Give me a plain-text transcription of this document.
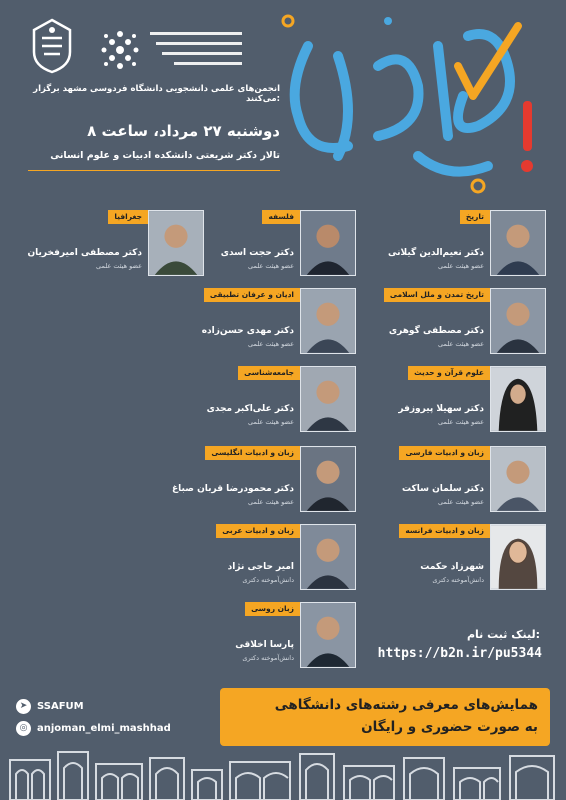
انجمن‌های علمی دانشجویی دانشگاه فردوسی مشهد برگزار می‌کنند:
دوشنبه ۲۷ مرداد، ساعت ۸
تالار دکتر شریعتی دانشکده ادبیات و علوم انسانی
تاریخ
دکتر نعیم‌الدین گیلانی
عضو هیئت علمی
فلسفه
دکتر حجت اسدی
عضو هیئت علمی
جغرافیا
دکتر مصطفی امیرفخریان
عضو هیئت علمی
تاریخ تمدن و ملل اسلامی
دکتر مصطفی گوهری
عضو هیئت علمی
ادیان و عرفان تطبیقی
دکتر مهدی حسن‌زاده
عضو هیئت علمی
علوم قرآن و حدیث
دکتر سهیلا پیروزفر
عضو هیئت علمی
جامعه‌شناسی
دکتر علی‌اکبر مجدی
عضو هیئت علمی
زبان و ادبیات فارسی
دکتر سلمان ساکت
عضو هیئت علمی
زبان و ادبیات انگلیسی
دکتر محمودرضا قربان صباغ
عضو هیئت علمی
زبان و ادبیات فرانسه
شهرزاد حکمت
دانش‌آموخته دکتری
زبان و ادبیات عربی
امیر حاجی نژاد
دانش‌آموخته دکتری
زبان روسی
پارسا اخلاقی
دانش‌آموخته دکتری
لینک ثبت نام:
https://b2n.ir/pu5344
➤ SSAFUM
◎ anjoman_elmi_mashhad
همایش‌های معرفی رشته‌های دانشگاهی
به صورت حضوری و رایگان
